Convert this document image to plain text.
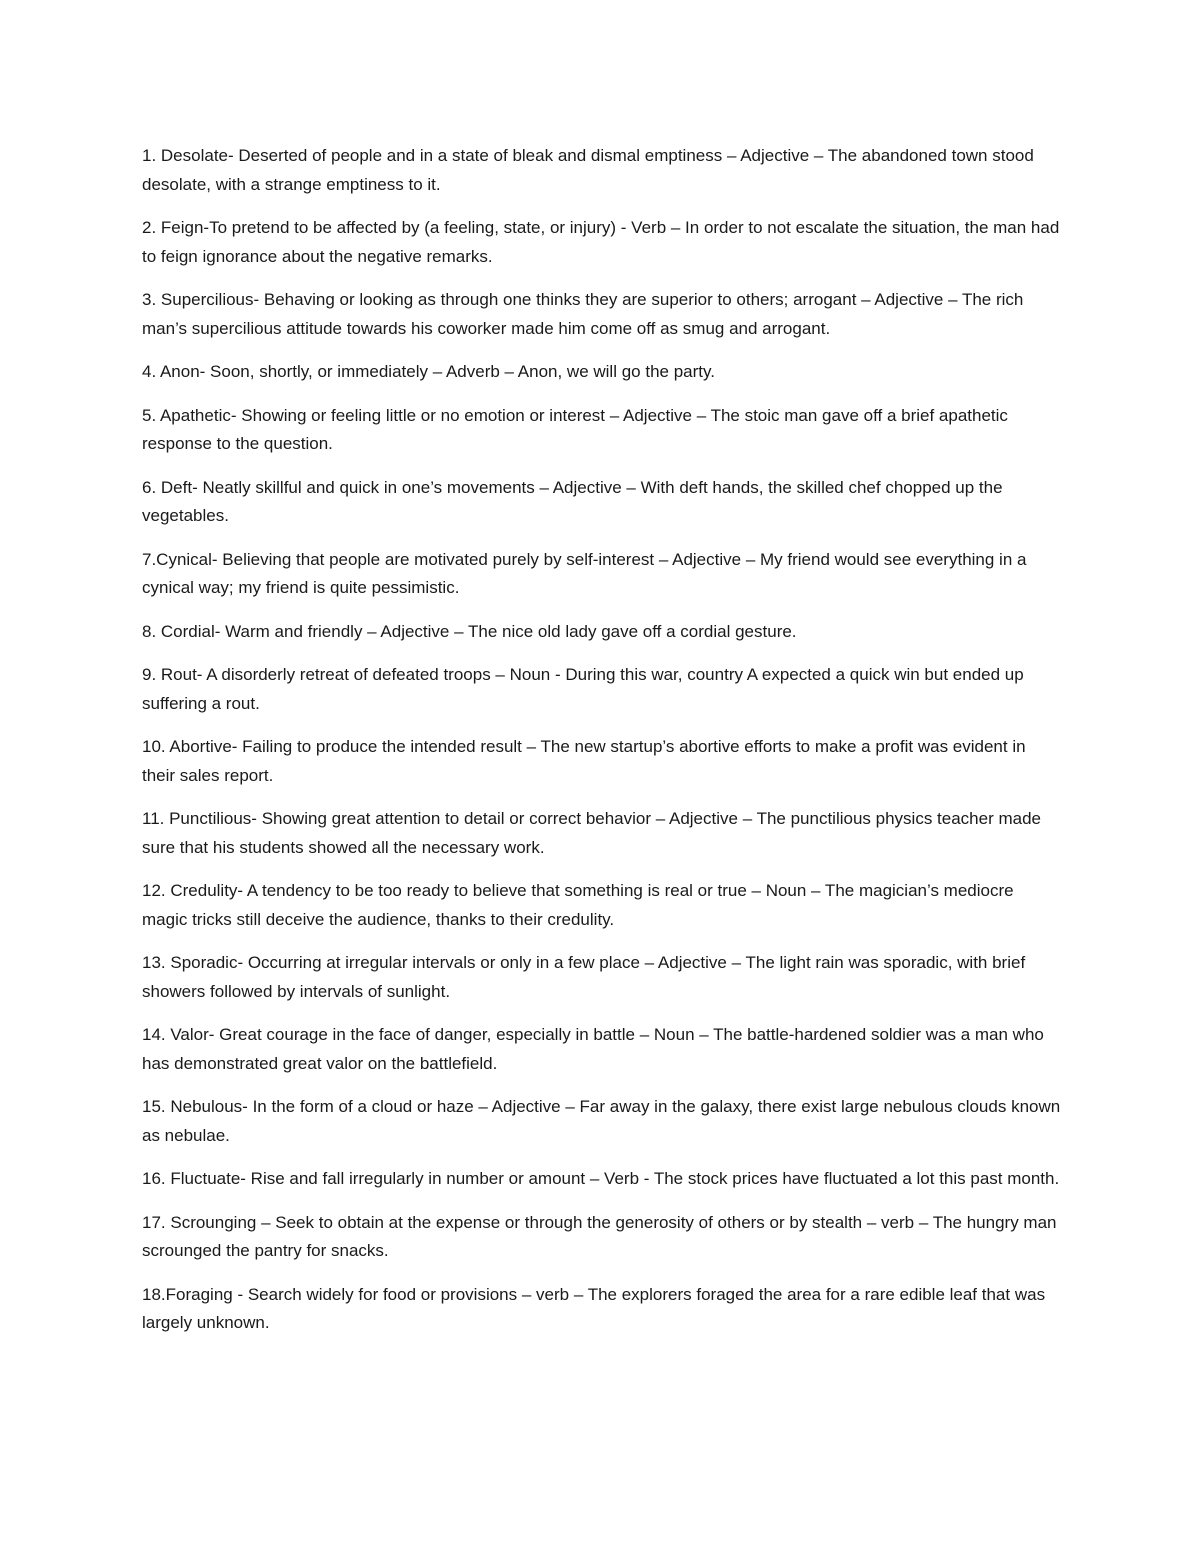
1. Desolate- Deserted of people and in a state of bleak and dismal emptiness – Adjective – The abandoned town stood desolate, with a strange emptiness to it.
2. Feign-To pretend to be affected by (a feeling, state, or injury) - Verb – In order to not escalate the situation, the man had to feign ignorance about the negative remarks.
3. Supercilious- Behaving or looking as through one thinks they are superior to others; arrogant – Adjective – The rich man’s supercilious attitude towards his coworker made him come off as smug and arrogant.
4. Anon- Soon, shortly, or immediately – Adverb – Anon, we will go the party.
5. Apathetic- Showing or feeling little or no emotion or interest – Adjective – The stoic man gave off a brief apathetic response to the question.
6. Deft- Neatly skillful and quick in one’s movements – Adjective – With deft hands, the skilled chef chopped up the vegetables.
7.Cynical- Believing that people are motivated purely by self-interest – Adjective – My friend would see everything in a cynical way; my friend is quite pessimistic.
8. Cordial- Warm and friendly – Adjective – The nice old lady gave off a cordial gesture.
9. Rout- A disorderly retreat of defeated troops – Noun - During this war, country A expected a quick win but ended up suffering a rout.
10. Abortive- Failing to produce the intended result – The new startup’s abortive efforts to make a profit was evident in their sales report.
11. Punctilious- Showing great attention to detail or correct behavior – Adjective – The punctilious physics teacher made sure that his students showed all the necessary work.
12. Credulity- A tendency to be too ready to believe that something is real or true – Noun – The magician’s mediocre magic tricks still deceive the audience, thanks to their credulity.
13. Sporadic- Occurring at irregular intervals or only in a few place – Adjective – The light rain was sporadic, with brief showers followed by intervals of sunlight.
14. Valor- Great courage in the face of danger, especially in battle – Noun – The battle-hardened soldier was a man who has demonstrated great valor on the battlefield.
15. Nebulous- In the form of a cloud or haze – Adjective – Far away in the galaxy, there exist large nebulous clouds known as nebulae.
16. Fluctuate- Rise and fall irregularly in number or amount – Verb - The stock prices have fluctuated a lot this past month.
17. Scrounging – Seek to obtain at the expense or through the generosity of others or by stealth – verb – The hungry man scrounged the pantry for snacks.
18.Foraging - Search widely for food or provisions – verb – The explorers foraged the area for a rare edible leaf that was largely unknown.
